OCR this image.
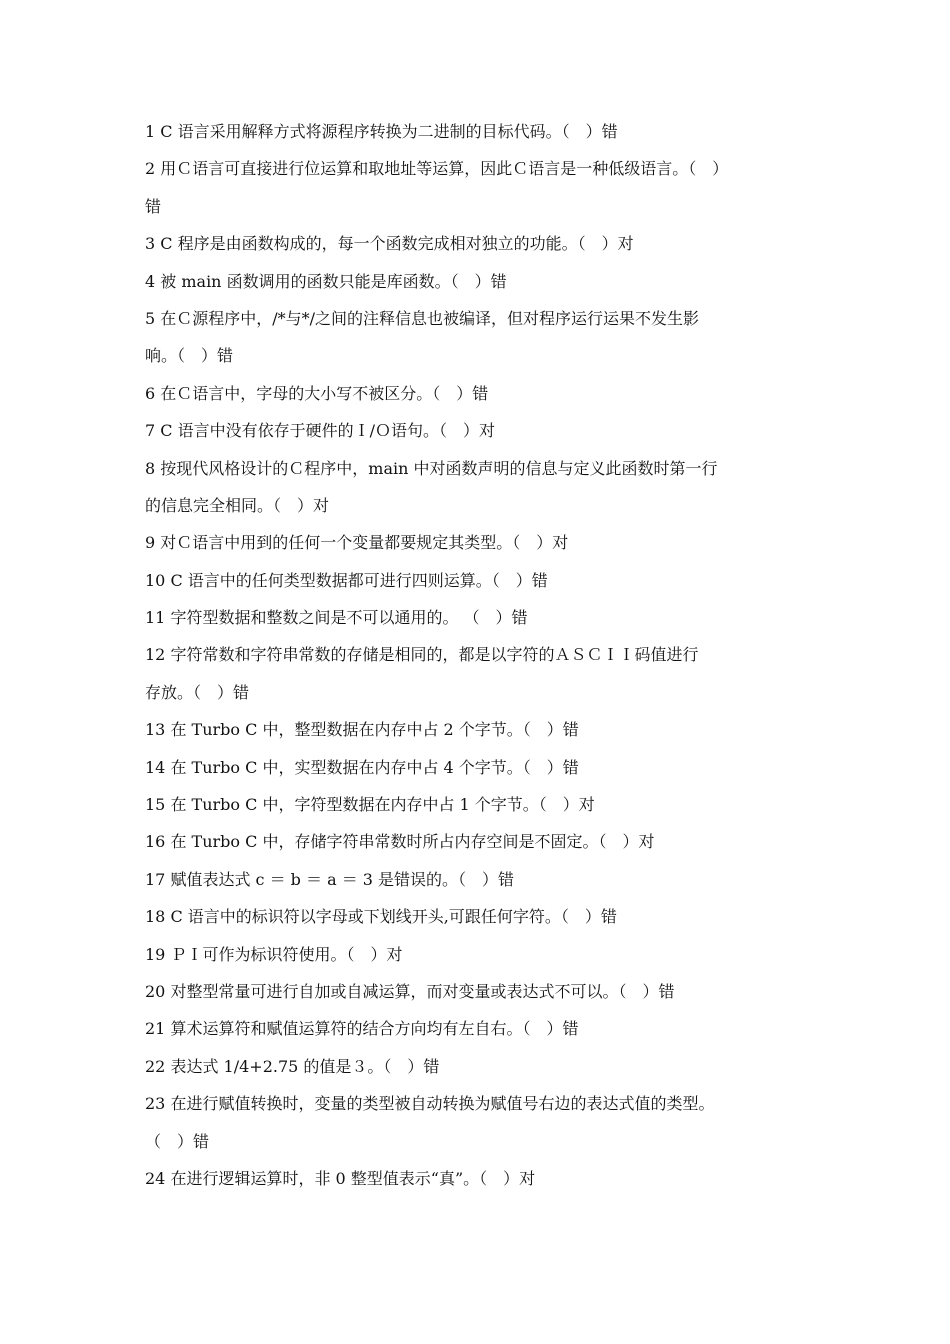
1 C 语言采用解释方式将源程序转换为二进制的目标代码。（　）错
2 用Ｃ语言可直接进行位运算和取地址等运算，因此Ｃ语言是一种低级语言。（　）
错
3 C 程序是由函数构成的，每一个函数完成相对独立的功能。（　）对
4 被 main 函数调用的函数只能是库函数。（　）错
5 在Ｃ源程序中，/*与*/之间的注释信息也被编译，但对程序运行运果不发生影
响。（　）错
6 在Ｃ语言中，字母的大小写不被区分。（　）错
7 C 语言中没有依存于硬件的Ｉ/Ｏ语句。（　）对
8 按现代风格设计的Ｃ程序中，main 中对函数声明的信息与定义此函数时第一行
的信息完全相同。（　）对
9 对Ｃ语言中用到的任何一个变量都要规定其类型。（　）对
10 C 语言中的任何类型数据都可进行四则运算。（　）错
11 字符型数据和整数之间是不可以通用的。 （　）错
12 字符常数和字符串常数的存储是相同的，都是以字符的ＡＳＣＩＩ码值进行
存放。（　）错
13 在 Turbo C 中，整型数据在内存中占 2 个字节。（　）错
14 在 Turbo C 中，实型数据在内存中占 4 个字节。（　）错
15 在 Turbo C 中，字符型数据在内存中占 1 个字节。（　）对
16 在 Turbo C 中，存储字符串常数时所占内存空间是不固定。（　）对
17 赋值表达式 c ＝ b ＝ a ＝ 3 是错误的。（　）错
18 C 语言中的标识符以字母或下划线开头,可跟任何字符。（　）错
19 ＰＩ可作为标识符使用。（　）对
20 对整型常量可进行自加或自减运算，而对变量或表达式不可以。（　）错
21 算术运算符和赋值运算符的结合方向均有左自右。（　）错
22 表达式 1/4+2.75 的值是３。（　）错
23 在进行赋值转换时，变量的类型被自动转换为赋值号右边的表达式值的类型。
（　）错
24 在进行逻辑运算时，非 0 整型值表示“真”。（　）对
